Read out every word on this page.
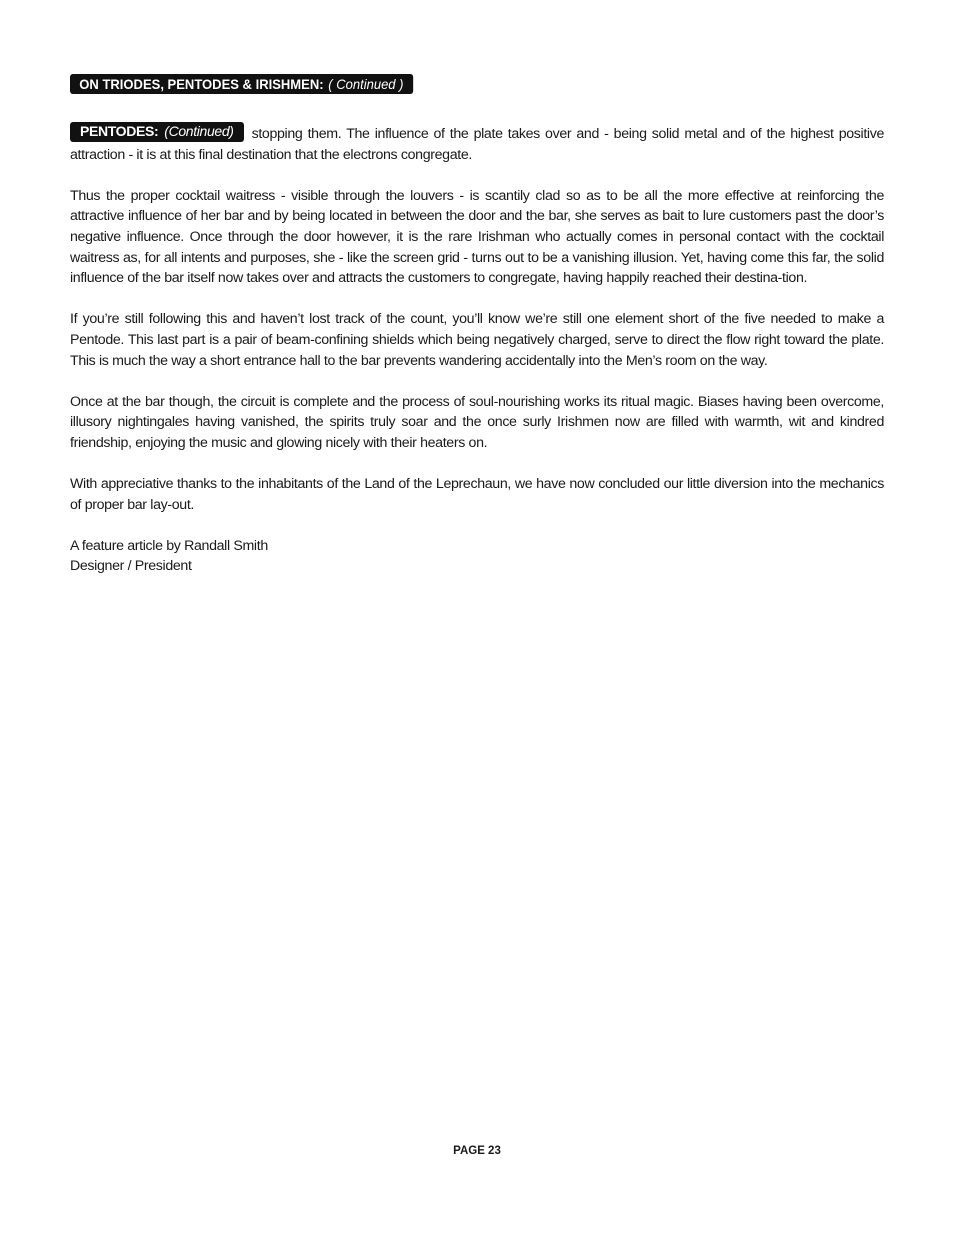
ON TRIODES, PENTODES & IRISHMEN: ( Continued )

PENTODES: (Continued) stopping them. The influence of the plate takes over and - being solid metal and of the highest positive attraction - it is at this final destination that the electrons congregate.

Thus the proper cocktail waitress - visible through the louvers - is scantily clad so as to be all the more effective at reinforcing the attractive influence of her bar and by being located in between the door and the bar, she serves as bait to lure customers past the door’s negative influence. Once through the door however, it is the rare Irishman who actually comes in personal contact with the cocktail waitress as, for all intents and purposes, she - like the screen grid - turns out to be a vanishing illusion. Yet, having come this far, the solid influence of the bar itself now takes over and attracts the customers to congregate, having happily reached their destina-tion.

If you’re still following this and haven’t lost track of the count, you’ll know we’re still one element short of the five needed to make a Pentode. This last part is a pair of beam-confining shields which being negatively charged, serve to direct the flow right toward the plate. This is much the way a short entrance hall to the bar prevents wandering accidentally into the Men’s room on the way.

Once at the bar though, the circuit is complete and the process of soul-nourishing works its ritual magic. Biases having been overcome, illusory nightingales having vanished, the spirits truly soar and the once surly Irishmen now are filled with warmth, wit and kindred friendship, enjoying the music and glowing nicely with their heaters on.

With appreciative thanks to the inhabitants of the Land of the Leprechaun, we have now concluded our little diversion into the mechanics of proper bar lay-out.

A feature article by Randall Smith
Designer / President

PAGE 23
